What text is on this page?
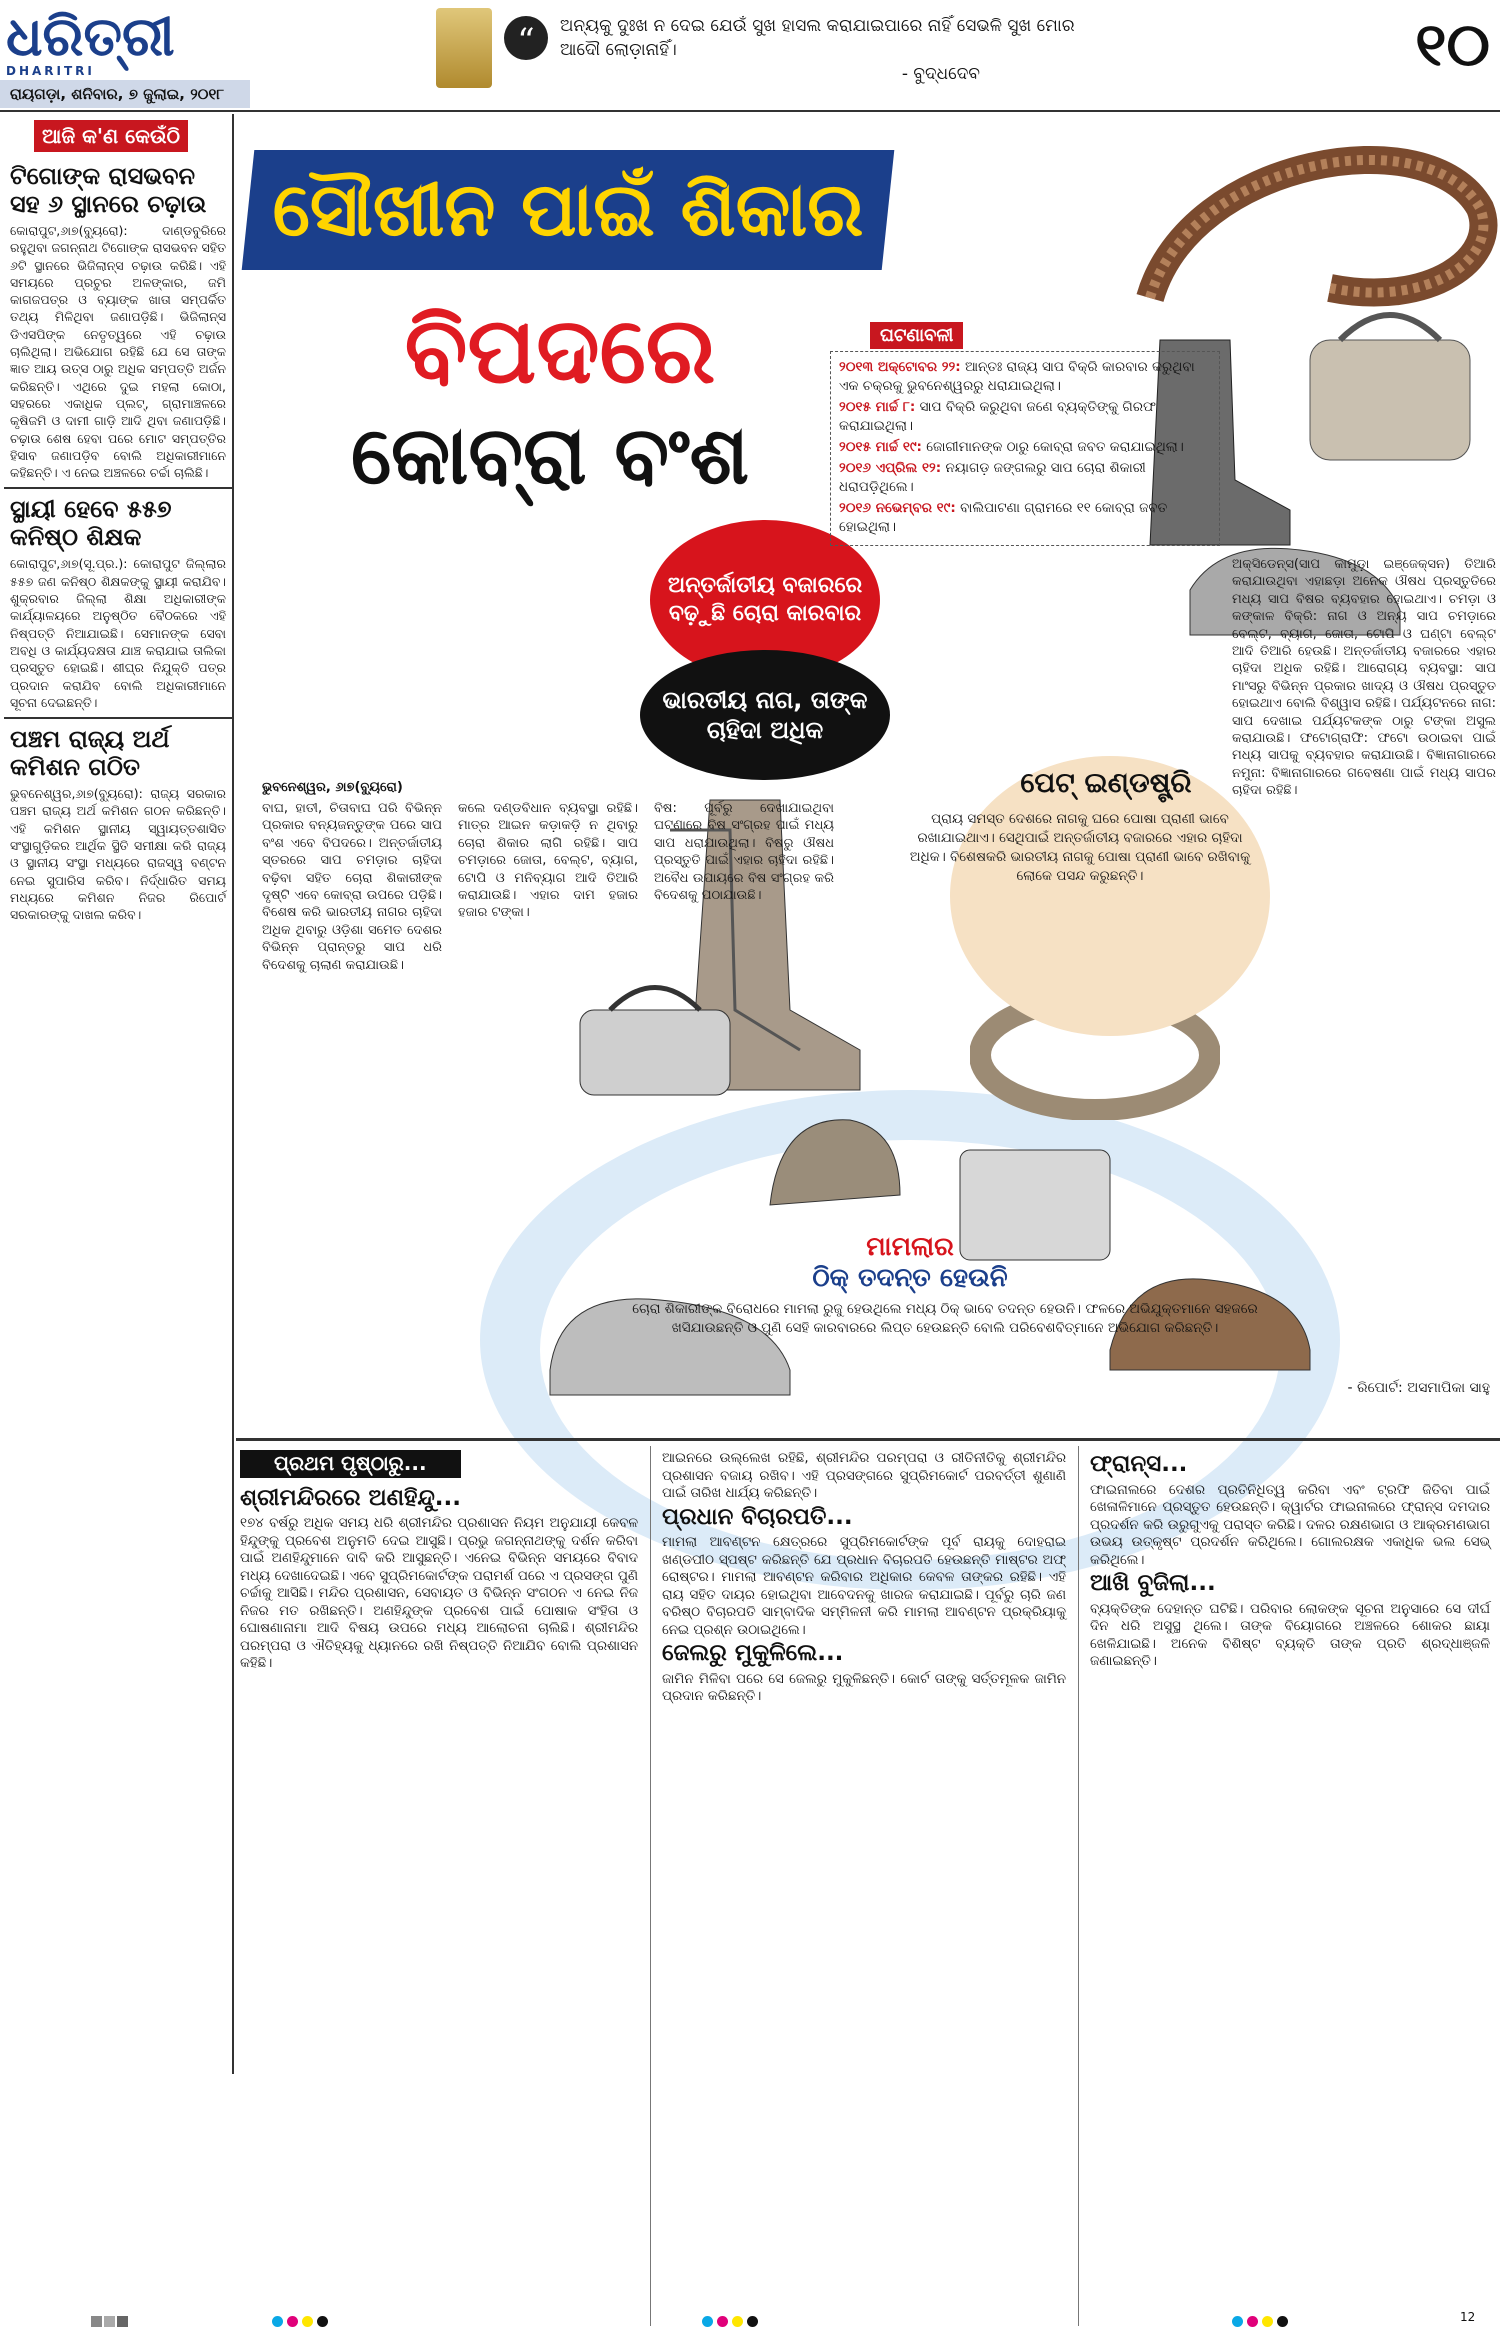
ଧରିତ୍ରୀ
DHARITRI
ରାୟଗଡ଼ା, ଶନିବାର, ୭ ଜୁଲାଇ, ୨୦୧୮
“	ଅନ୍ୟକୁ ଦୁଃଖ ନ ଦେଇ ଯେଉଁ ସୁଖ ହାସଲ କରାଯାଇପାରେ ନାହିଁ ସେଭଳି ସୁଖ ମୋର ଆଦୌ ଲୋଡ଼ାନାହିଁ।
- ବୁଦ୍ଧଦେବ	୧୦
ଆଜି କ'ଣ କେଉଁଠି
ଟିଗୋଙ୍କ ରାସଭବନ ସହ ୬ ସ୍ଥାନରେ ଚଢ଼ାଉ
କୋରାପୁଟ,୬ା୭(ବ୍ୟୁରୋ): ଦାଣ୍ଡବୁରିରେ ରହୁଥିବା ଜଗନ୍ନାଥ ଟିଗୋଙ୍କ ରାସଭବନ ସହିତ ୬ଟି ସ୍ଥାନରେ ଭିଜିଲାନ୍ସ ଚଢ଼ାଉ କରିଛି। ଏହି ସମୟରେ ପ୍ରଚୁର ଅଳଙ୍କାର, ଜମି କାଗଜପତ୍ର ଓ ବ୍ୟାଙ୍କ ଖାତା ସମ୍ପର୍କିତ ତଥ୍ୟ ମିଳିଥିବା ଜଣାପଡ଼ିଛି। ଭିଜିଲାନ୍ସ ଡିଏସପିଙ୍କ ନେତୃତ୍ୱରେ ଏହି ଚଢ଼ାଉ ଚାଲିଥିଲା। ଅଭିଯୋଗ ରହିଛି ଯେ ସେ ତାଙ୍କ ଜ୍ଞାତ ଆୟ ଉତ୍ସ ଠାରୁ ଅଧିକ ସମ୍ପତ୍ତି ଅର୍ଜନ କରିଛନ୍ତି। ଏଥିରେ ଦୁଇ ମହଲା କୋଠା, ସହରରେ ଏକାଧିକ ପ୍ଲଟ୍, ଗ୍ରାମାଞ୍ଚଳରେ କୃଷିଜମି ଓ ଦାମୀ ଗାଡ଼ି ଆଦି ଥିବା ଜଣାପଡ଼ିଛି। ଚଢ଼ାଉ ଶେଷ ହେବା ପରେ ମୋଟ ସମ୍ପତ୍ତିର ହିସାବ ଜଣାପଡ଼ିବ ବୋଲି ଅଧିକାରୀମାନେ କହିଛନ୍ତି। ଏ ନେଇ ଅଞ୍ଚଳରେ ଚର୍ଚ୍ଚା ଚାଲିଛି।
ସ୍ଥାୟୀ ହେବେ ୫୫୭ କନିଷ୍ଠ ଶିକ୍ଷକ
କୋରାପୁଟ,୬ା୭(ସୂ.ପ୍ର.): କୋରାପୁଟ ଜିଲ୍ଲାର ୫୫୭ ଜଣ କନିଷ୍ଠ ଶିକ୍ଷକଙ୍କୁ ସ୍ଥାୟୀ କରାଯିବ। ଶୁକ୍ରବାର ଜିଲ୍ଲା ଶିକ୍ଷା ଅଧିକାରୀଙ୍କ କାର୍ଯ୍ୟାଳୟରେ ଅନୁଷ୍ଠିତ ବୈଠକରେ ଏହି ନିଷ୍ପତ୍ତି ନିଆଯାଇଛି। ସେମାନଙ୍କ ସେବା ଅବଧି ଓ କାର୍ଯ୍ୟଦକ୍ଷତା ଯାଞ୍ଚ କରାଯାଇ ତାଲିକା ପ୍ରସ୍ତୁତ ହୋଇଛି। ଶୀଘ୍ର ନିଯୁକ୍ତି ପତ୍ର ପ୍ରଦାନ କରାଯିବ ବୋଲି ଅଧିକାରୀମାନେ ସୂଚନା ଦେଇଛନ୍ତି।
ପଞ୍ଚମ ରାଜ୍ୟ ଅର୍ଥ କମିଶନ ଗଠିତ
ଭୁବନେଶ୍ୱର,୬ା୭(ବ୍ୟୁରୋ): ରାଜ୍ୟ ସରକାର ପଞ୍ଚମ ରାଜ୍ୟ ଅର୍ଥ କମିଶନ ଗଠନ କରିଛନ୍ତି। ଏହି କମିଶନ ସ୍ଥାନୀୟ ସ୍ୱାୟତ୍ତଶାସିତ ସଂସ୍ଥାଗୁଡ଼ିକର ଆର୍ଥିକ ସ୍ଥିତି ସମୀକ୍ଷା କରି ରାଜ୍ୟ ଓ ସ୍ଥାନୀୟ ସଂସ୍ଥା ମଧ୍ୟରେ ରାଜସ୍ୱ ବଣ୍ଟନ ନେଇ ସୁପାରିସ କରିବ। ନିର୍ଦ୍ଧାରିତ ସମୟ ମଧ୍ୟରେ କମିଶନ ନିଜର ରିପୋର୍ଟ ସରକାରଙ୍କୁ ଦାଖଲ କରିବ।
ସୌଖୀନ ପାଇଁ ଶିକାର
ବିପଦରେ
କୋବ୍ରା ବଂଶ
ଅନ୍ତର୍ଜାତୀୟ ବଜାରରେ ବଢ଼ୁଛି ଚୋରା କାରବାର
ଭାରତୀୟ ନାଗ, ତାଙ୍କ ଚାହିଦା ଅଧିକ
ଘଟଣାବଳୀ

୨୦୧୩ ଅକ୍ଟୋବର ୨୨: ଆନ୍ତଃ ରାଜ୍ୟ ସାପ ବିକ୍ରି କାରବାର କରୁଥିବା ଏକ ଚକ୍ରକୁ ଭୁବନେଶ୍ୱରରୁ ଧରାଯାଇଥିଲା।

୨୦୧୫ ମାର୍ଚ୍ଚ ୮: ସାପ ବିକ୍ରି କରୁଥିବା ଜଣେ ବ୍ୟକ୍ତିଙ୍କୁ ଗିରଫ କରାଯାଇଥିଲା।

୨୦୧୫ ମାର୍ଚ୍ଚ ୧୯: ଜୋଗୀମାନଙ୍କ ଠାରୁ କୋବ୍ରା ଜବତ କରାଯାଇଥିଲା।

୨୦୧୬ ଏପ୍ରିଲ ୧୨: ନୟାଗଡ଼ ଜଙ୍ଗଲରୁ ସାପ ଚୋରା ଶିକାରୀ ଧରାପଡ଼ିଥିଲେ।

୨୦୧୬ ନଭେମ୍ବର ୧୯: ବାଲିପାଟଣା ଗ୍ରାମରେ ୧୧ କୋବ୍ରା ଜବତ ହୋଇଥିଲା।

ଭୁବନେଶ୍ୱର, ୬ା୭(ବ୍ୟୁରୋ)
ବାଘ, ହାତୀ, ଚିତାବାଘ ପରି ବିଭିନ୍ନ ପ୍ରକାର ବନ୍ୟଜନ୍ତୁଙ୍କ ପରେ ସାପ ବଂଶ ଏବେ ବିପଦରେ। ଅନ୍ତର୍ଜାତୀୟ ସ୍ତରରେ ସାପ ଚମଡ଼ାର ଚାହିଦା ବଢ଼ିବା ସହିତ ଚୋରା ଶିକାରୀଙ୍କ ଦୃଷ୍ଟି ଏବେ କୋବ୍ରା ଉପରେ ପଡ଼ିଛି। ବିଶେଷ କରି ଭାରତୀୟ ନାଗର ଚାହିଦା ଅଧିକ ଥିବାରୁ ଓଡ଼ିଶା ସମେତ ଦେଶର ବିଭିନ୍ନ ପ୍ରାନ୍ତରୁ ସାପ ଧରି ବିଦେଶକୁ ଚାଲାଣ କରାଯାଉଛି।
କଲେ ଦଣ୍ଡବିଧାନ ବ୍ୟବସ୍ଥା ରହିଛି। ମାତ୍ର ଆଇନ କଡ଼ାକଡ଼ି ନ ଥିବାରୁ ଚୋରା ଶିକାର ଲାଗି ରହିଛି। ସାପ ଚମଡ଼ାରେ ଜୋତା, ବେଲ୍ଟ, ବ୍ୟାଗ, ଟୋପି ଓ ମନିବ୍ୟାଗ ଆଦି ତିଆରି କରାଯାଉଛି। ଏହାର ଦାମ ହଜାର ହଜାର ଟଙ୍କା।
ବିଷ: ପୂର୍ବରୁ ଦେଖାଯାଇଥିବା ଘଟଣାରେ ବିଷ ସଂଗ୍ରହ ପାଇଁ ମଧ୍ୟ ସାପ ଧରାଯାଉଥିଲା। ବିଷରୁ ଔଷଧ ପ୍ରସ୍ତୁତି ପାଇଁ ଏହାର ଚାହିଦା ରହିଛି। ଅବୈଧ ଉପାୟରେ ବିଷ ସଂଗ୍ରହ କରି ବିଦେଶକୁ ପଠାଯାଉଛି।
ଅକ୍ସିଡେନ୍ସ(ସାପ କାମୁଡ଼ା ଇଞ୍ଜେକ୍ସନ) ତିଆରି କରାଯାଉଥିବା ଏହାଛଡ଼ା ଅନେକ ଔଷଧ ପ୍ରସ୍ତୁତିରେ ମଧ୍ୟ ସାପ ବିଷର ବ୍ୟବହାର ହୋଇଥାଏ। ଚମଡ଼ା ଓ କଙ୍କାଳ ବିକ୍ରି: ନାଗ ଓ ଅନ୍ୟ ସାପ ଚମଡ଼ାରେ ବେଲ୍ଟ, ବ୍ୟାଗ, ଜୋତା, ଟୋପି ଓ ଘଣ୍ଟା ବେଲ୍ଟ ଆଦି ତିଆରି ହେଉଛି। ଅନ୍ତର୍ଜାତୀୟ ବଜାରରେ ଏହାର ଚାହିଦା ଅଧିକ ରହିଛି। ଆରୋଗ୍ୟ ବ୍ୟବସ୍ଥା: ସାପ ମାଂସରୁ ବିଭିନ୍ନ ପ୍ରକାର ଖାଦ୍ୟ ଓ ଔଷଧ ପ୍ରସ୍ତୁତ ହୋଇଥାଏ ବୋଲି ବିଶ୍ୱାସ ରହିଛି। ପର୍ଯ୍ୟଟନରେ ନାଗ: ସାପ ଦେଖାଇ ପର୍ଯ୍ୟଟକଙ୍କ ଠାରୁ ଟଙ୍କା ଅସୁଲ କରାଯାଉଛି। ଫଟୋଗ୍ରାଫି: ଫଟୋ ଉଠାଇବା ପାଇଁ ମଧ୍ୟ ସାପକୁ ବ୍ୟବହାର କରାଯାଉଛି। ବିଜ୍ଞାନାଗାରରେ ନମୁନା: ବିଜ୍ଞାନାଗାରରେ ଗବେଷଣା ପାଇଁ ମଧ୍ୟ ସାପର ଚାହିଦା ରହିଛି।
ପେଟ୍ ଇଣ୍ଡଷ୍ଟ୍ରି
ପ୍ରାୟ ସମସ୍ତ ଦେଶରେ ନାଗକୁ ଘରେ ପୋଷା ପ୍ରାଣୀ ଭାବେ ରଖାଯାଇଥାଏ। ସେଥିପାଇଁ ଅନ୍ତର୍ଜାତୀୟ ବଜାରରେ ଏହାର ଚାହିଦା ଅଧିକ। ବିଶେଷକରି ଭାରତୀୟ ନାଗକୁ ପୋଷା ପ୍ରାଣୀ ଭାବେ ରଖିବାକୁ ଲୋକେ ପସନ୍ଦ କରୁଛନ୍ତି।
ମାମଲାର
ଠିକ୍ ତଦନ୍ତ ହେଉନି
ଚୋରା ଶିକାରୀଙ୍କ ବିରୋଧରେ ମାମଲା ରୁଜୁ ହେଉଥିଲେ ମଧ୍ୟ ଠିକ୍ ଭାବେ ତଦନ୍ତ ହେଉନି। ଫଳରେ ଅଭିଯୁକ୍ତମାନେ ସହଜରେ ଖସିଯାଉଛନ୍ତି ଓ ପୁଣି ସେହି କାରବାରରେ ଲିପ୍ତ ହେଉଛନ୍ତି ବୋଲି ପରିବେଶବିତ୍ମାନେ ଅଭିଯୋଗ କରିଛନ୍ତି।
- ରିପୋର୍ଟ: ଅସମାପିକା ସାହୁ
ପ୍ରଥମ ପୃଷ୍ଠାରୁ...
ଶ୍ରୀମନ୍ଦିରରେ ଅଣହିନ୍ଦୁ...
୧୭୪ ବର୍ଷରୁ ଅଧିକ ସମୟ ଧରି ଶ୍ରୀମନ୍ଦିର ପ୍ରଶାସନ ନିୟମ ଅନୁଯାୟୀ କେବଳ ହିନ୍ଦୁଙ୍କୁ ପ୍ରବେଶ ଅନୁମତି ଦେଇ ଆସୁଛି। ପ୍ରଭୁ ଜଗନ୍ନାଥଙ୍କୁ ଦର୍ଶନ କରିବା ପାଇଁ ଅଣହିନ୍ଦୁମାନେ ଦାବି କରି ଆସୁଛନ୍ତି। ଏନେଇ ବିଭିନ୍ନ ସମୟରେ ବିବାଦ ମଧ୍ୟ ଦେଖାଦେଇଛି। ଏବେ ସୁପ୍ରିମକୋର୍ଟଙ୍କ ପରାମର୍ଶ ପରେ ଏ ପ୍ରସଙ୍ଗ ପୁଣି ଚର୍ଚ୍ଚାକୁ ଆସିଛି। ମନ୍ଦିର ପ୍ରଶାସନ, ସେବାୟତ ଓ ବିଭିନ୍ନ ସଂଗଠନ ଏ ନେଇ ନିଜ ନିଜର ମତ ରଖିଛନ୍ତି। ଅଣହିନ୍ଦୁଙ୍କ ପ୍ରବେଶ ପାଇଁ ପୋଷାକ ସଂହିତା ଓ ଘୋଷଣାନାମା ଆଦି ବିଷୟ ଉପରେ ମଧ୍ୟ ଆଲୋଚନା ଚାଲିଛି। ଶ୍ରୀମନ୍ଦିର ପରମ୍ପରା ଓ ଐତିହ୍ୟକୁ ଧ୍ୟାନରେ ରଖି ନିଷ୍ପତ୍ତି ନିଆଯିବ ବୋଲି ପ୍ରଶାସନ କହିଛି।
ଆଇନରେ ଉଲ୍ଲେଖ ରହିଛି, ଶ୍ରୀମନ୍ଦିର ପରମ୍ପରା ଓ ରୀତିନୀତିକୁ ଶ୍ରୀମନ୍ଦିର ପ୍ରଶାସନ ବଜାୟ ରଖିବ। ଏହି ପ୍ରସଙ୍ଗରେ ସୁପ୍ରିମକୋର୍ଟ ପରବର୍ତ୍ତୀ ଶୁଣାଣି ପାଇଁ ତାରିଖ ଧାର୍ଯ୍ୟ କରିଛନ୍ତି।
ପ୍ରଧାନ ବିଚାରପତି...
ମାମଲା ଆବଣ୍ଟନ କ୍ଷେତ୍ରରେ ସୁପ୍ରିମକୋର୍ଟଙ୍କ ପୂର୍ବ ରାୟକୁ ଦୋହରାଇ ଖଣ୍ଡପୀଠ ସ୍ପଷ୍ଟ କରିଛନ୍ତି ଯେ ପ୍ରଧାନ ବିଚାରପତି ହେଉଛନ୍ତି ମାଷ୍ଟର ଅଫ୍ ରୋଷ୍ଟର। ମାମଲା ଆବଣ୍ଟନ କରିବାର ଅଧିକାର କେବଳ ତାଙ୍କର ରହିଛି। ଏହି ରାୟ ସହିତ ଦାୟର ହୋଇଥିବା ଆବେଦନକୁ ଖାରଜ କରାଯାଇଛି। ପୂର୍ବରୁ ଚାରି ଜଣ ବରିଷ୍ଠ ବିଚାରପତି ସାମ୍ବାଦିକ ସମ୍ମିଳନୀ କରି ମାମଲା ଆବଣ୍ଟନ ପ୍ରକ୍ରିୟାକୁ ନେଇ ପ୍ରଶ୍ନ ଉଠାଇଥିଲେ।
ଜେଲରୁ ମୁକୁଳିଲେ...
ଜାମିନ ମିଳିବା ପରେ ସେ ଜେଲରୁ ମୁକୁଳିଛନ୍ତି। କୋର୍ଟ ତାଙ୍କୁ ସର୍ତ୍ତମୂଳକ ଜାମିନ ପ୍ରଦାନ କରିଛନ୍ତି।
ଫ୍ରାନ୍ସ...
ଫାଇନାଲରେ ଦେଶର ପ୍ରତିନିଧିତ୍ୱ କରିବା ଏବଂ ଟ୍ରଫି ଜିତିବା ପାଇଁ ଖେଳାଳିମାନେ ପ୍ରସ୍ତୁତ ହେଉଛନ୍ତି। କ୍ୱାର୍ଟର ଫାଇନାଲରେ ଫ୍ରାନ୍ସ ଦମଦାର ପ୍ରଦର୍ଶନ କରି ଉରୁଗୁଏକୁ ପରାସ୍ତ କରିଛି। ଦଳର ରକ୍ଷଣଭାଗ ଓ ଆକ୍ରମଣଭାଗ ଉଭୟ ଉତ୍କୃଷ୍ଟ ପ୍ରଦର୍ଶନ କରିଥିଲେ। ଗୋଲରକ୍ଷକ ଏକାଧିକ ଭଲ ସେଭ୍ କରିଥିଲେ।
ଆଖି ବୁଜିଲା...
ବ୍ୟକ୍ତିଙ୍କ ଦେହାନ୍ତ ଘଟିଛି। ପରିବାର ଲୋକଙ୍କ ସୂଚନା ଅନୁସାରେ ସେ ଦୀର୍ଘ ଦିନ ଧରି ଅସୁସ୍ଥ ଥିଲେ। ତାଙ୍କ ବିୟୋଗରେ ଅଞ୍ଚଳରେ ଶୋକର ଛାୟା ଖେଳିଯାଇଛି। ଅନେକ ବିଶିଷ୍ଟ ବ୍ୟକ୍ତି ତାଙ୍କ ପ୍ରତି ଶ୍ରଦ୍ଧାଞ୍ଜଳି ଜଣାଇଛନ୍ତି।
12
